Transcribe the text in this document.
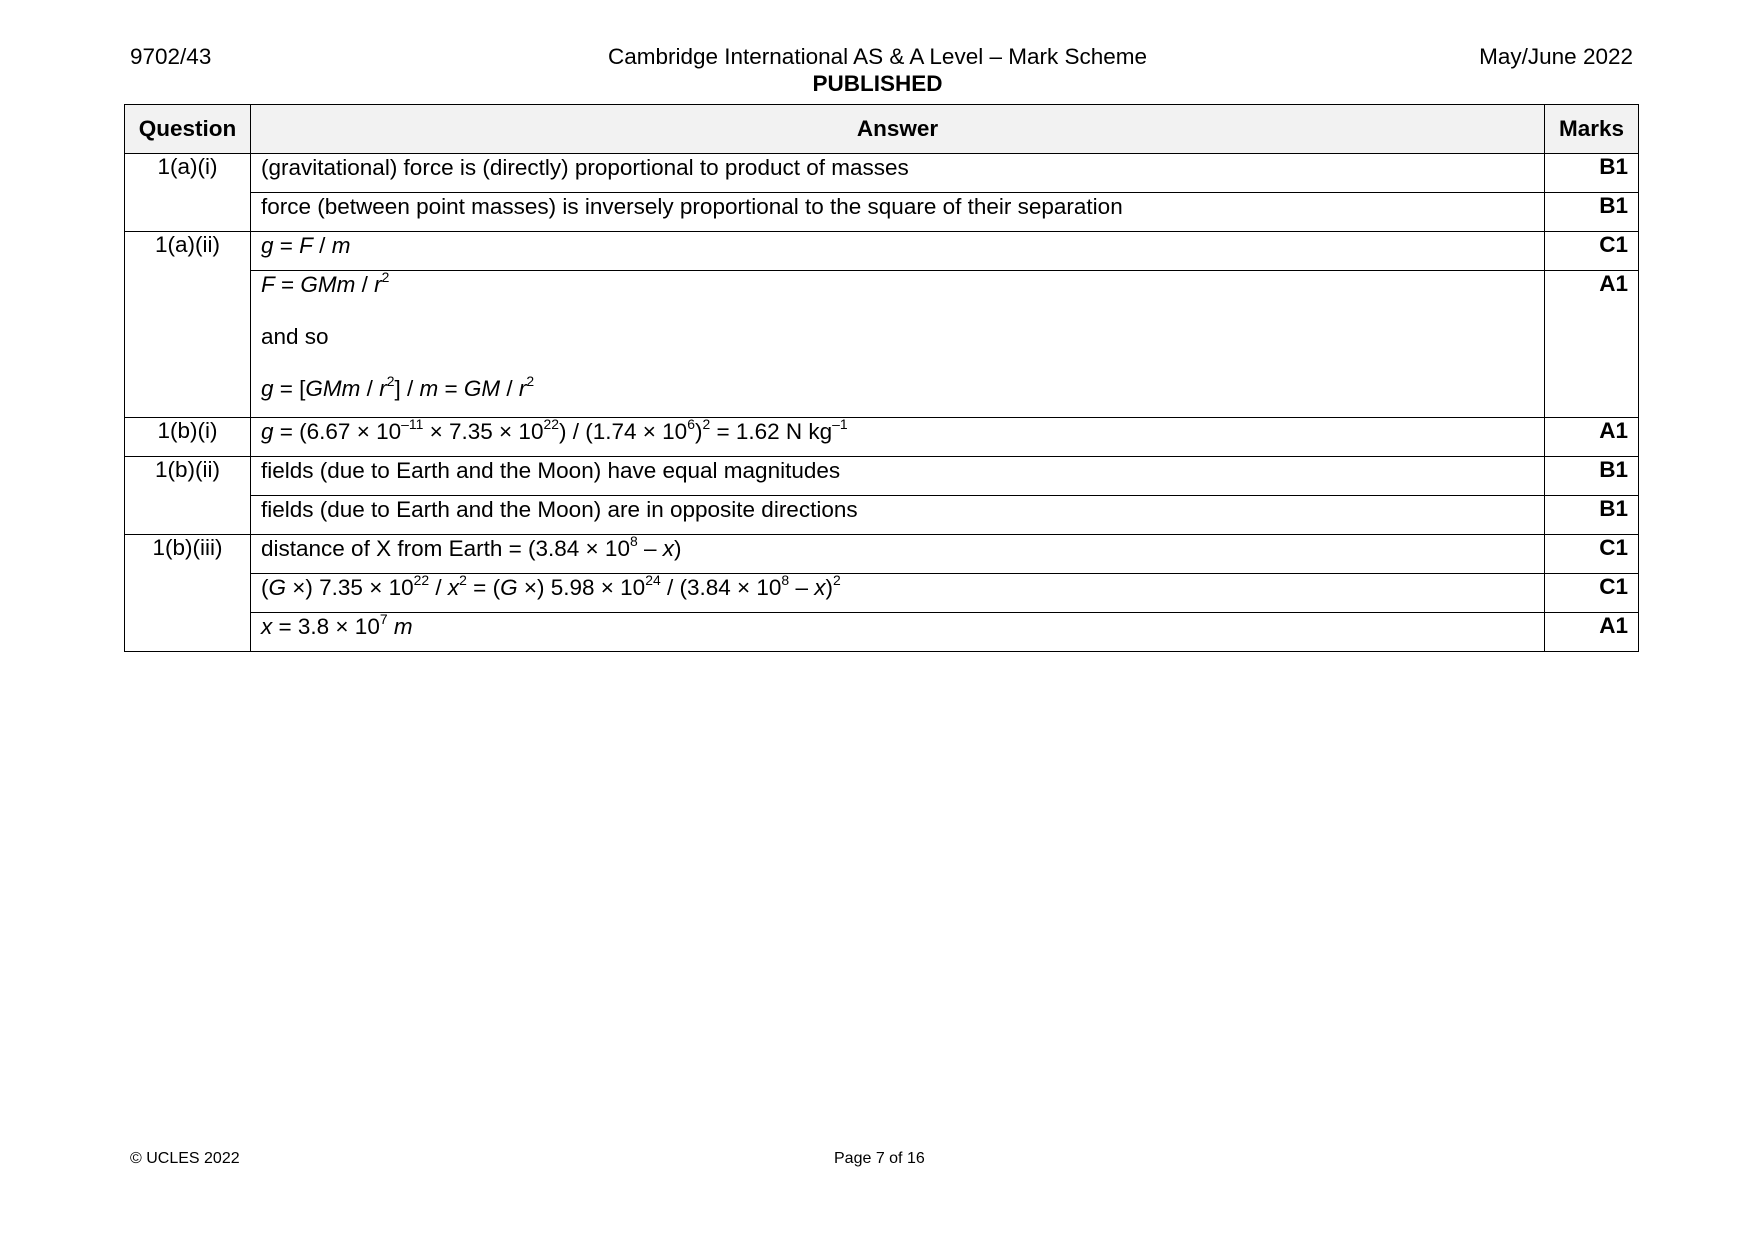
9702/43	Cambridge International AS & A Level – Mark Scheme
PUBLISHED
May/June 2022
Question	Answer	Marks
1(a)(i)	(gravitational) force is (directly) proportional to product of masses	B1
	force (between point masses) is inversely proportional to the square of their separation	B1
1(a)(ii)	g = F / m	C1

	F = GMm / $r^2$
and so
$g = [GMm / r^2] / m$ = GM / $r^2$	A1
1(b)(i)	$g = (6.67 \times 10^{-11} \times 7.35 \times 10^{22}) / (1.74 \times 10^6)^2 = 1.62$ N $kg^{-1}$	A1
1(b)(ii)	fields (due to Earth and the Moon) have equal magnitudes	B1
	fields (due to Earth and the Moon) are in opposite directions	B1
1(b)(iii)	distance of X from Earth = $(3.84 \times 10^8 - x)$	C1
	(G ×) $7.35 \times 10^{22} / x^2 = (G$ ×) $5.98 \times 10^{24} / (3.84 \times 10^8 - x)^2$	C1
	$x = 3.8 \times 10^7$ m	A1
© UCLES 2022	Page 7 of 16
